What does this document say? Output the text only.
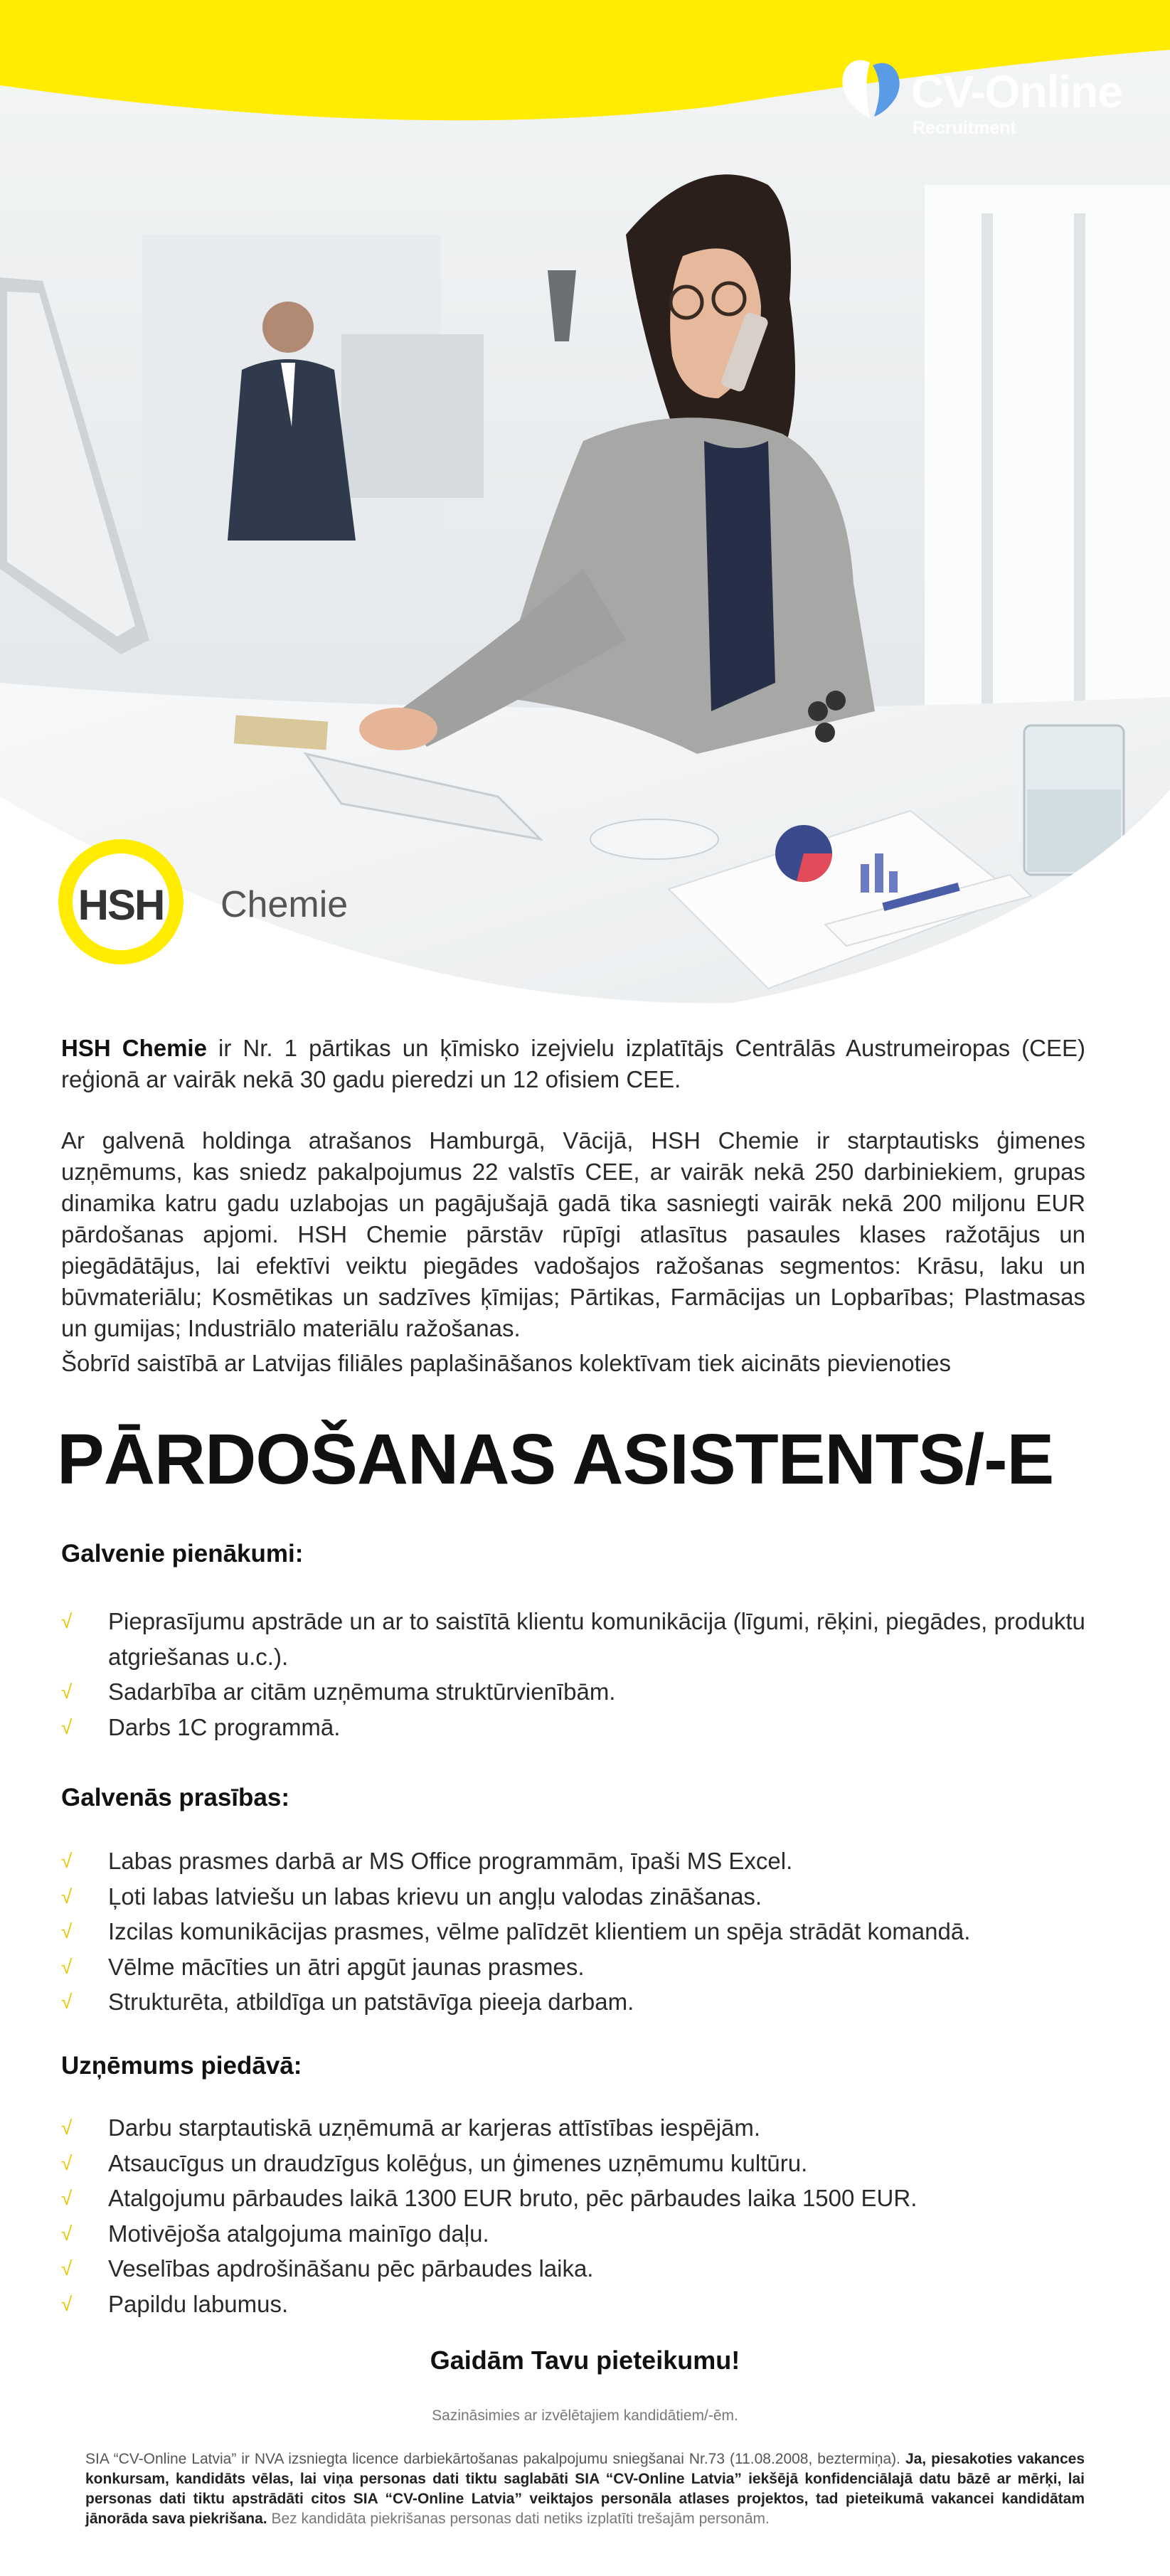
CV-Online
Recruitment
HSH	Chemie
HSH Chemie ir Nr. 1 pārtikas un ķīmisko izejvielu izplatītājs Centrālās Austrumeiropas (CEE) reģionā ar vairāk nekā 30 gadu pieredzi un 12 ofisiem CEE.
Ar galvenā holdinga atrašanos Hamburgā, Vācijā, HSH Chemie ir starptautisks ģimenes uzņēmums, kas sniedz pakalpojumus 22 valstīs CEE, ar vairāk nekā 250 darbiniekiem, grupas dinamika katru gadu uzlabojas un pagājušajā gadā tika sasniegti vairāk nekā 200 miljonu EUR pārdošanas apjomi. HSH Chemie pārstāv rūpīgi atlasītus pasaules klases ražotājus un piegādātājus, lai efektīvi veiktu piegādes vadošajos ražošanas segmentos: Krāsu, laku un būvmateriālu; Kosmētikas un sadzīves ķīmijas; Pārtikas, Farmācijas un Lopbarības; Plastmasas un gumijas; Industriālo materiālu ražošanas.
Šobrīd saistībā ar Latvijas filiāles paplašināšanos kolektīvam tiek aicināts pievienoties
PĀRDOŠANAS ASISTENTS/-E
Galvenie pienākumi:
√ Pieprasījumu apstrāde un ar to saistītā klientu komunikācija (līgumi, rēķini, piegādes, produktu atgriešanas u.c.).
√ Sadarbība ar citām uzņēmuma struktūrvienībām.
√ Darbs 1C programmā.
Galvenās prasības:
√ Labas prasmes darbā ar MS Office programmām, īpaši MS Excel.
√ Ļoti labas latviešu un labas krievu un angļu valodas zināšanas.
√ Izcilas komunikācijas prasmes, vēlme palīdzēt klientiem un spēja strādāt komandā.
√ Vēlme mācīties un ātri apgūt jaunas prasmes.
√ Strukturēta, atbildīga un patstāvīga pieeja darbam.
Uzņēmums piedāvā:
√ Darbu starptautiskā uzņēmumā ar karjeras attīstības iespējām.
√ Atsaucīgus un draudzīgus kolēģus, un ģimenes uzņēmumu kultūru.
√ Atalgojumu pārbaudes laikā 1300 EUR bruto, pēc pārbaudes laika 1500 EUR.
√ Motivējoša atalgojuma mainīgo daļu.
√ Veselības apdrošināšanu pēc pārbaudes laika.
√ Papildu labumus.
Gaidām Tavu pieteikumu!
Sazināsimies ar izvēlētajiem kandidātiem/-ēm.
SIA “CV-Online Latvia” ir NVA izsniegta licence darbiekārtošanas pakalpojumu sniegšanai Nr.73 (11.08.2008, beztermiņa). Ja, piesakoties vakances konkursam, kandidāts vēlas, lai viņa personas dati tiktu saglabāti SIA “CV-Online Latvia” iekšējā konfidenciālajā datu bāzē ar mērķi, lai personas dati tiktu apstrādāti citos SIA “CV-Online Latvia” veiktajos personāla atlases projektos, tad pieteikumā vakancei kandidātam jānorāda sava piekrišana. Bez kandidāta piekrišanas personas dati netiks izplatīti trešajām personām.
